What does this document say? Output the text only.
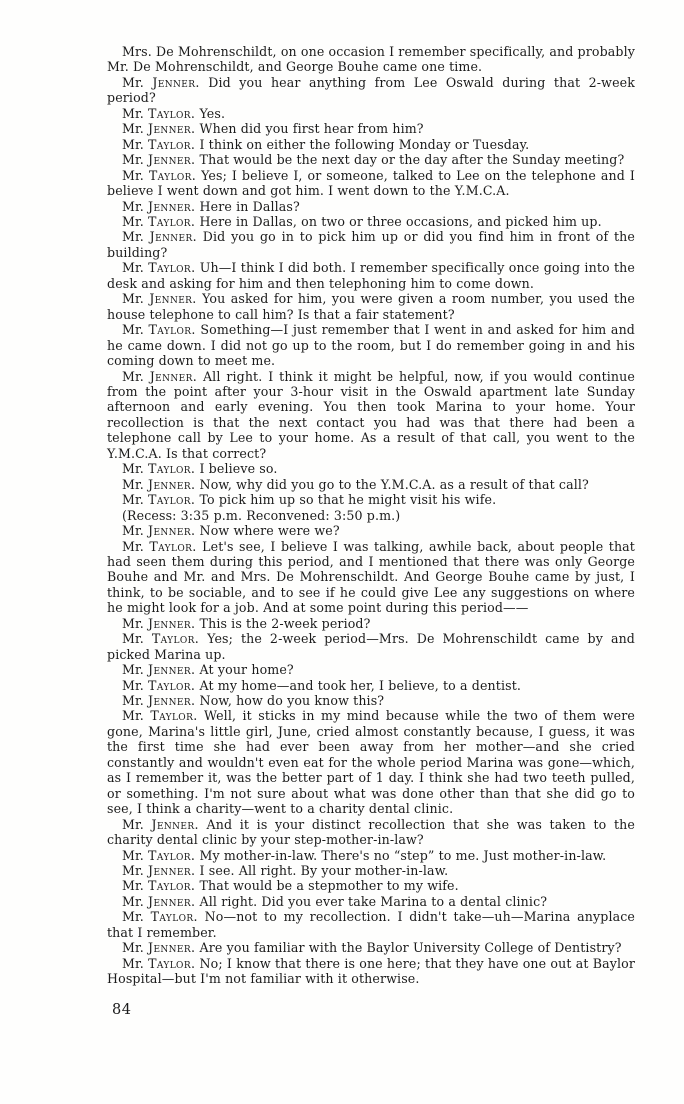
Mrs. De Mohrenschildt, on one occasion I remember specifically, and probably Mr. De Mohrenschildt, and George Bouhe came one time.

Mr. Jenner. Did you hear anything from Lee Oswald during that 2-week period?

Mr. Taylor. Yes.

Mr. Jenner. When did you first hear from him?

Mr. Taylor. I think on either the following Monday or Tuesday.

Mr. Jenner. That would be the next day or the day after the Sunday meeting?

Mr. Taylor. Yes; I believe I, or someone, talked to Lee on the telephone and I believe I went down and got him. I went down to the Y.M.C.A.

Mr. Jenner. Here in Dallas?

Mr. Taylor. Here in Dallas, on two or three occasions, and picked him up.

Mr. Jenner. Did you go in to pick him up or did you find him in front of the building?

Mr. Taylor. Uh—I think I did both. I remember specifically once going into the desk and asking for him and then telephoning him to come down.

Mr. Jenner. You asked for him, you were given a room number, you used the house telephone to call him? Is that a fair statement?

Mr. Taylor. Something—I just remember that I went in and asked for him and he came down. I did not go up to the room, but I do remember going in and his coming down to meet me.

Mr. Jenner. All right. I think it might be helpful, now, if you would continue from the point after your 3-hour visit in the Oswald apartment late Sunday afternoon and early evening. You then took Marina to your home. Your recollection is that the next contact you had was that there had been a telephone call by Lee to your home. As a result of that call, you went to the Y.M.C.A. Is that correct?

Mr. Taylor. I believe so.

Mr. Jenner. Now, why did you go to the Y.M.C.A. as a result of that call?

Mr. Taylor. To pick him up so that he might visit his wife.

(Recess: 3:35 p.m. Reconvened: 3:50 p.m.)

Mr. Jenner. Now where were we?

Mr. Taylor. Let's see, I believe I was talking, awhile back, about people that had seen them during this period, and I mentioned that there was only George Bouhe and Mr. and Mrs. De Mohrenschildt. And George Bouhe came by just, I think, to be sociable, and to see if he could give Lee any suggestions on where he might look for a job. And at some point during this period——

Mr. Jenner. This is the 2-week period?

Mr. Taylor. Yes; the 2-week period—Mrs. De Mohrenschildt came by and picked Marina up.

Mr. Jenner. At your home?

Mr. Taylor. At my home—and took her, I believe, to a dentist.

Mr. Jenner. Now, how do you know this?

Mr. Taylor. Well, it sticks in my mind because while the two of them were gone, Marina's little girl, June, cried almost constantly because, I guess, it was the first time she had ever been away from her mother—and she cried constantly and wouldn't even eat for the whole period Marina was gone—which, as I remember it, was the better part of 1 day. I think she had two teeth pulled, or something. I'm not sure about what was done other than that she did go to see, I think a charity—went to a charity dental clinic.

Mr. Jenner. And it is your distinct recollection that she was taken to the charity dental clinic by your step-mother-in-law?

Mr. Taylor. My mother-in-law. There's no “step” to me. Just mother-in-law.

Mr. Jenner. I see. All right. By your mother-in-law.

Mr. Taylor. That would be a stepmother to my wife.

Mr. Jenner. All right. Did you ever take Marina to a dental clinic?

Mr. Taylor. No—not to my recollection. I didn't take—uh—Marina anyplace that I remember.

Mr. Jenner. Are you familiar with the Baylor University College of Dentistry?

Mr. Taylor. No; I know that there is one here; that they have one out at Baylor Hospital—but I'm not familiar with it otherwise.

84
